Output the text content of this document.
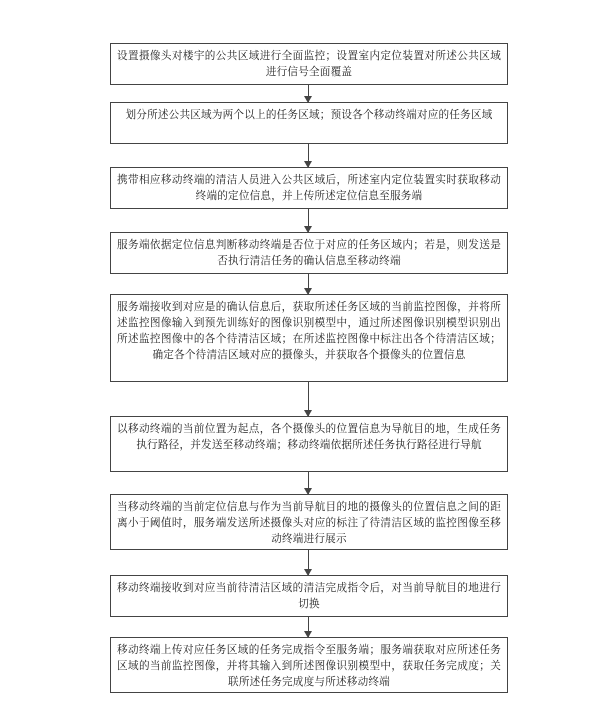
设置摄像头对楼宇的公共区域进行全面监控；设置室内定位装置对所述公共区域进行信号全面覆盖
划分所述公共区域为两个以上的任务区域；预设各个移动终端对应的任务区域
携带相应移动终端的清洁人员进入公共区域后，所述室内定位装置实时获取移动终端的定位信息，并上传所述定位信息至服务端
服务端依据定位信息判断移动终端是否位于对应的任务区域内；若是，则发送是否执行清洁任务的确认信息至移动终端
服务端接收到对应是的确认信息后，获取所述任务区域的当前监控图像，并将所述监控图像输入到预先训练好的图像识别模型中，通过所述图像识别模型识别出所述监控图像中的各个待清洁区域；在所述监控图像中标注出各个待清洁区域；确定各个待清洁区域对应的摄像头，并获取各个摄像头的位置信息
以移动终端的当前位置为起点，各个摄像头的位置信息为导航目的地，生成任务执行路径，并发送至移动终端；移动终端依据所述任务执行路径进行导航
当移动终端的当前定位信息与作为当前导航目的地的摄像头的位置信息之间的距离小于阈值时，服务端发送所述摄像头对应的标注了待清洁区域的监控图像至移动终端进行展示
移动终端接收到对应当前待清洁区域的清洁完成指令后，对当前导航目的地进行切换
移动终端上传对应任务区域的任务完成指令至服务端；服务端获取对应所述任务区域的当前监控图像，并将其输入到所述图像识别模型中，获取任务完成度；关联所述任务完成度与所述移动终端
